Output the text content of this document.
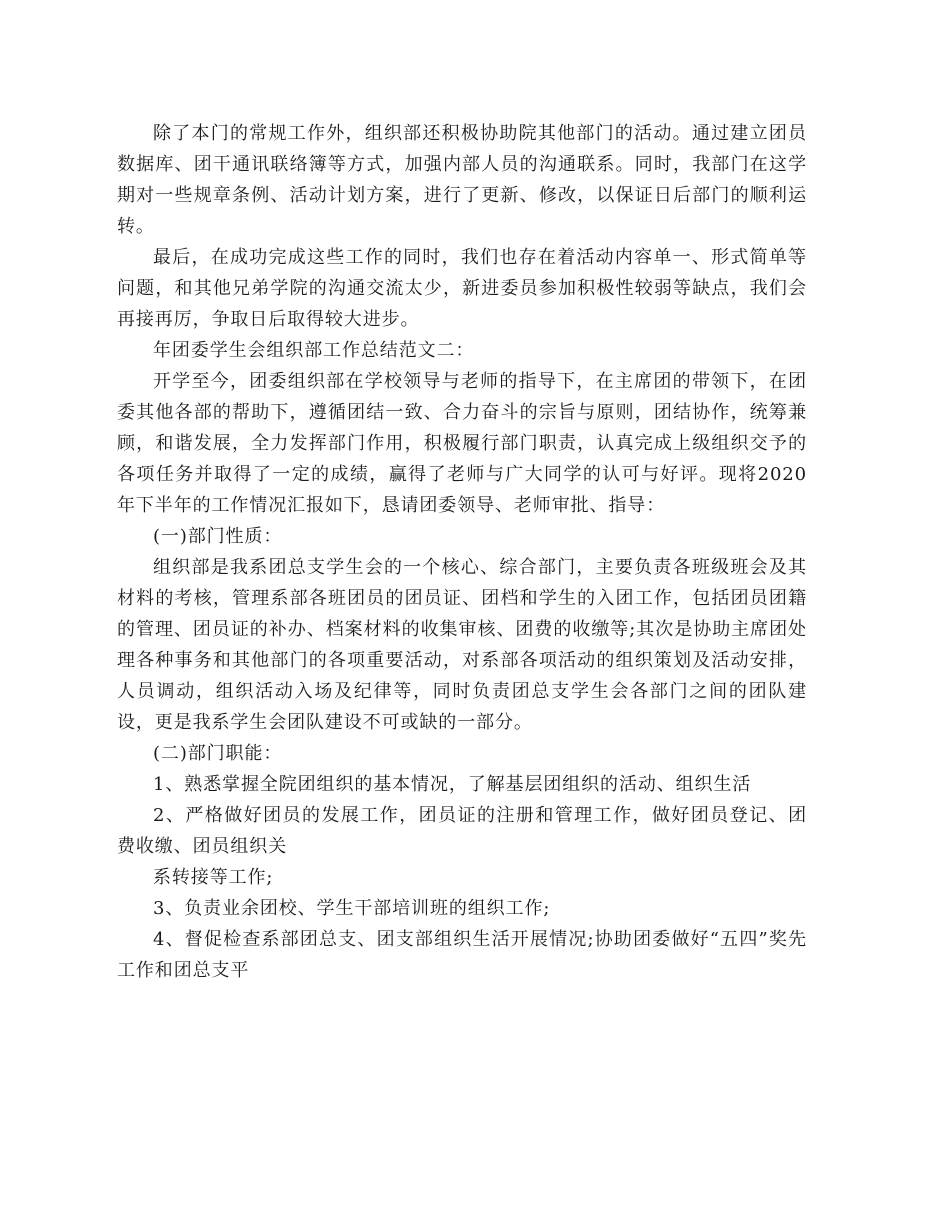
除了本门的常规工作外，组织部还积极协助院其他部门的活动。通过建立团员数据库、团干通讯联络簿等方式，加强内部人员的沟通联系。同时，我部门在这学期对一些规章条例、活动计划方案，进行了更新、修改，以保证日后部门的顺利运转。

最后，在成功完成这些工作的同时，我们也存在着活动内容单一、形式简单等问题，和其他兄弟学院的沟通交流太少，新进委员参加积极性较弱等缺点，我们会再接再厉，争取日后取得较大进步。

年团委学生会组织部工作总结范文二：

开学至今，团委组织部在学校领导与老师的指导下，在主席团的带领下，在团委其他各部的帮助下，遵循团结一致、合力奋斗的宗旨与原则，团结协作，统筹兼顾，和谐发展，全力发挥部门作用，积极履行部门职责，认真完成上级组织交予的各项任务并取得了一定的成绩，赢得了老师与广大同学的认可与好评。现将2020年下半年的工作情况汇报如下，恳请团委领导、老师审批、指导：

(一)部门性质：

组织部是我系团总支学生会的一个核心、综合部门，主要负责各班级班会及其材料的考核，管理系部各班团员的团员证、团档和学生的入团工作，包括团员团籍的管理、团员证的补办、档案材料的收集审核、团费的收缴等;其次是协助主席团处理各种事务和其他部门的各项重要活动，对系部各项活动的组织策划及活动安排，人员调动，组织活动入场及纪律等，同时负责团总支学生会各部门之间的团队建设，更是我系学生会团队建设不可或缺的一部分。

(二)部门职能：

1、熟悉掌握全院团组织的基本情况，了解基层团组织的活动、组织生活

2、严格做好团员的发展工作，团员证的注册和管理工作，做好团员登记、团费收缴、团员组织关

系转接等工作;

3、负责业余团校、学生干部培训班的组织工作;

4、督促检查系部团总支、团支部组织生活开展情况;协助团委做好“五四”奖先工作和团总支平
